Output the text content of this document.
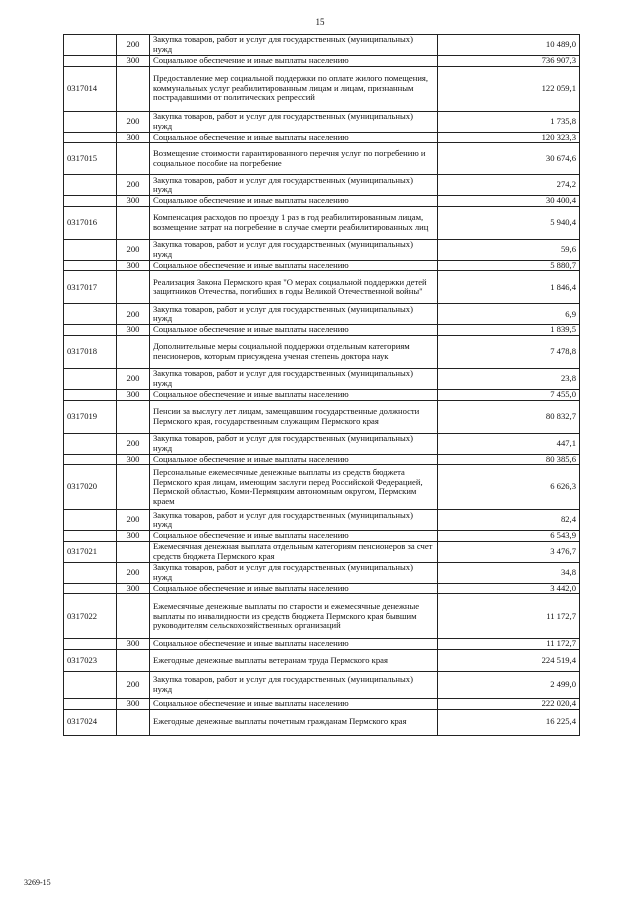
15
	200	Закупка товаров, работ и услуг для государственных (муниципальных) нужд	10 489,0
	300	Социальное обеспечение и иные выплаты населению	736 907,3
0317014		Предоставление мер социальной поддержки по оплате жилого помещения, коммунальных услуг реабилитированным лицам и лицам, признанным пострадавшими от политических репрессий	122 059,1
	200	Закупка товаров, работ и услуг для государственных (муниципальных) нужд	1 735,8
	300	Социальное обеспечение и иные выплаты населению	120 323,3
0317015		Возмещение стоимости гарантированного перечня услуг по погребению и социальное пособие на погребение	30 674,6
	200	Закупка товаров, работ и услуг для государственных (муниципальных) нужд	274,2
	300	Социальное обеспечение и иные выплаты населению	30 400,4
0317016		Компенсация расходов по проезду 1 раз в год реабилитированным лицам, возмещение затрат на погребение в случае смерти реабилитированных лиц	5 940,4
	200	Закупка товаров, работ и услуг для государственных (муниципальных) нужд	59,6
	300	Социальное обеспечение и иные выплаты населению	5 880,7
0317017		Реализация Закона Пермского края "О мерах социальной поддержки детей защитников Отечества, погибших в годы Великой Отечественной войны"	1 846,4
	200	Закупка товаров, работ и услуг для государственных (муниципальных) нужд	6,9
	300	Социальное обеспечение и иные выплаты населению	1 839,5
0317018		Дополнительные меры социальной поддержки отдельным категориям пенсионеров, которым присуждена ученая степень доктора наук	7 478,8
	200	Закупка товаров, работ и услуг для государственных (муниципальных) нужд	23,8
	300	Социальное обеспечение и иные выплаты населению	7 455,0
0317019		Пенсии за выслугу лет лицам, замещавшим государственные должности Пермского края, государственным служащим Пермского края	80 832,7
	200	Закупка товаров, работ и услуг для государственных (муниципальных) нужд	447,1
	300	Социальное обеспечение и иные выплаты населению	80 385,6
0317020		Персональные ежемесячные денежные выплаты из средств бюджета Пермского края лицам, имеющим заслуги перед Российской Федерацией, Пермской областью, Коми-Пермяцким автономным округом, Пермским краем	6 626,3
	200	Закупка товаров, работ и услуг для государственных (муниципальных) нужд	82,4
	300	Социальное обеспечение и иные выплаты населению	6 543,9
0317021		Ежемесячная денежная выплата отдельным категориям пенсионеров за счет средств бюджета Пермского края	3 476,7
	200	Закупка товаров, работ и услуг для государственных (муниципальных) нужд	34,8
	300	Социальное обеспечение и иные выплаты населению	3 442,0
0317022		Ежемесячные денежные выплаты по старости и ежемесячные денежные выплаты по инвалидности из средств бюджета Пермского края бывшим руководителям сельскохозяйственных организаций	11 172,7
	300	Социальное обеспечение и иные выплаты населению	11 172,7
0317023		Ежегодные денежные выплаты ветеранам труда Пермского края	224 519,4
	200	Закупка товаров, работ и услуг для государственных (муниципальных) нужд	2 499,0
	300	Социальное обеспечение и иные выплаты населению	222 020,4
0317024		Ежегодные денежные выплаты почетным гражданам Пермского края	16 225,4
3269-15
